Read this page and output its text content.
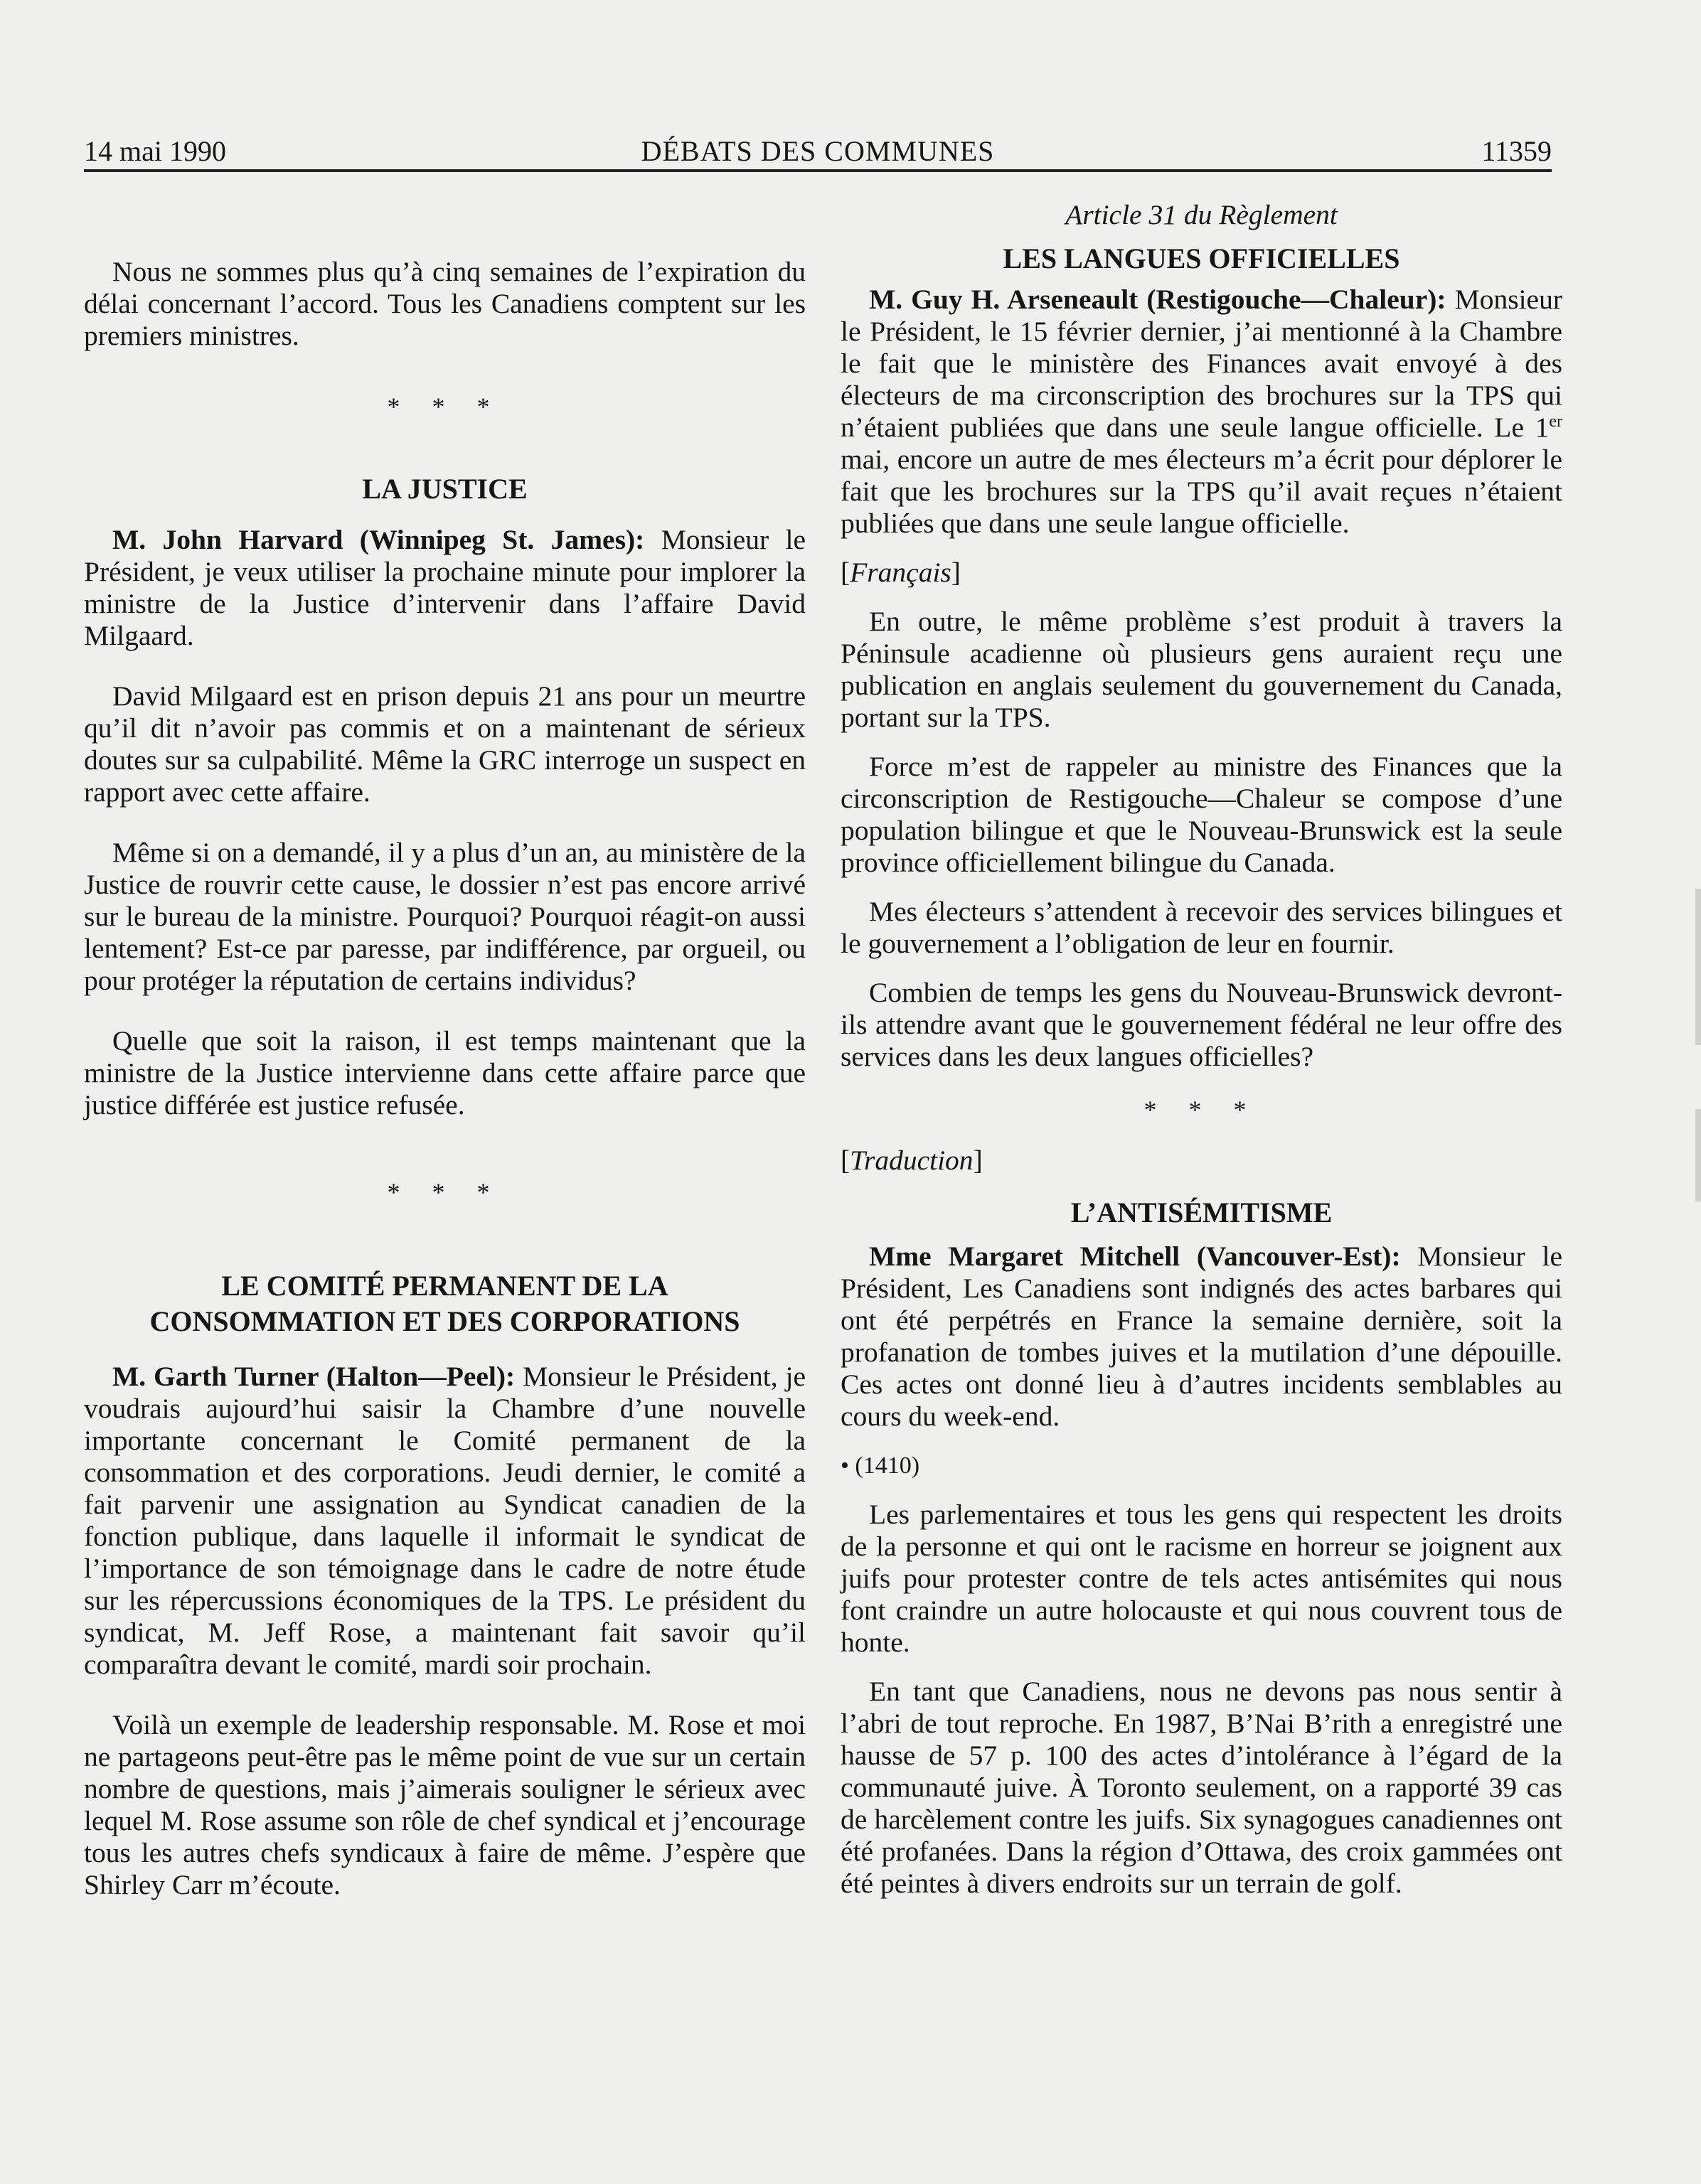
14 mai 1990	DÉBATS DES COMMUNES	11359

Nous ne sommes plus qu’à cinq semaines de l’expiration du délai concernant l’accord. Tous les Canadiens comptent sur les premiers ministres.

* * *
LA JUSTICE

M. John Harvard (Winnipeg St. James): Monsieur le Président, je veux utiliser la prochaine minute pour implorer la ministre de la Justice d’intervenir dans l’affaire David Milgaard.

David Milgaard est en prison depuis 21 ans pour un meurtre qu’il dit n’avoir pas commis et on a maintenant de sérieux doutes sur sa culpabilité. Même la GRC interroge un suspect en rapport avec cette affaire.

Même si on a demandé, il y a plus d’un an, au ministère de la Justice de rouvrir cette cause, le dossier n’est pas encore arrivé sur le bureau de la ministre. Pourquoi? Pourquoi réagit-on aussi lentement? Est-ce par paresse, par indifférence, par orgueil, ou pour protéger la réputation de certains individus?

Quelle que soit la raison, il est temps maintenant que la ministre de la Justice intervienne dans cette affaire parce que justice différée est justice refusée.

* * *
LE COMITÉ PERMANENT DE LA
CONSOMMATION ET DES CORPORATIONS

M. Garth Turner (Halton—Peel): Monsieur le Président, je voudrais aujourd’hui saisir la Chambre d’une nouvelle importante concernant le Comité permanent de la consommation et des corporations. Jeudi dernier, le comité a fait parvenir une assignation au Syndicat canadien de la fonction publique, dans laquelle il informait le syndicat de l’importance de son témoignage dans le cadre de notre étude sur les répercussions économiques de la TPS. Le président du syndicat, M. Jeff Rose, a maintenant fait savoir qu’il comparaîtra devant le comité, mardi soir prochain.

Voilà un exemple de leadership responsable. M. Rose et moi ne partageons peut-être pas le même point de vue sur un certain nombre de questions, mais j’aimerais souligner le sérieux avec lequel M. Rose assume son rôle de chef syndical et j’encourage tous les autres chefs syndicaux à faire de même. J’espère que Shirley Carr m’écoute.

Article 31 du Règlement
LES LANGUES OFFICIELLES

M. Guy H. Arseneault (Restigouche—Chaleur): Monsieur le Président, le 15 février dernier, j’ai mentionné à la Chambre le fait que le ministère des Finances avait envoyé à des électeurs de ma circonscription des brochures sur la TPS qui n’étaient publiées que dans une seule langue officielle. Le 1er mai, encore un autre de mes électeurs m’a écrit pour déplorer le fait que les brochures sur la TPS qu’il avait reçues n’étaient publiées que dans une seule langue officielle.

[Français]

En outre, le même problème s’est produit à travers la Péninsule acadienne où plusieurs gens auraient reçu une publication en anglais seulement du gouvernement du Canada, portant sur la TPS.

Force m’est de rappeler au ministre des Finances que la circonscription de Restigouche—Chaleur se compose d’une population bilingue et que le Nouveau-Brunswick est la seule province officiellement bilingue du Canada.

Mes électeurs s’attendent à recevoir des services bilingues et le gouvernement a l’obligation de leur en fournir.

Combien de temps les gens du Nouveau-Brunswick devront-ils attendre avant que le gouvernement fédéral ne leur offre des services dans les deux langues officielles?

* * *

[Traduction]

L’ANTISÉMITISME

Mme Margaret Mitchell (Vancouver-Est): Monsieur le Président, Les Canadiens sont indignés des actes barbares qui ont été perpétrés en France la semaine dernière, soit la profanation de tombes juives et la mutilation d’une dépouille. Ces actes ont donné lieu à d’autres incidents semblables au cours du week-end.

• (1410)

Les parlementaires et tous les gens qui respectent les droits de la personne et qui ont le racisme en horreur se joignent aux juifs pour protester contre de tels actes antisémites qui nous font craindre un autre holocauste et qui nous couvrent tous de honte.

En tant que Canadiens, nous ne devons pas nous sentir à l’abri de tout reproche. En 1987, B’Nai B’rith a enregistré une hausse de 57 p. 100 des actes d’intolérance à l’égard de la communauté juive. À Toronto seulement, on a rapporté 39 cas de harcèlement contre les juifs. Six synagogues canadiennes ont été profanées. Dans la région d’Ottawa, des croix gammées ont été peintes à divers endroits sur un terrain de golf.
